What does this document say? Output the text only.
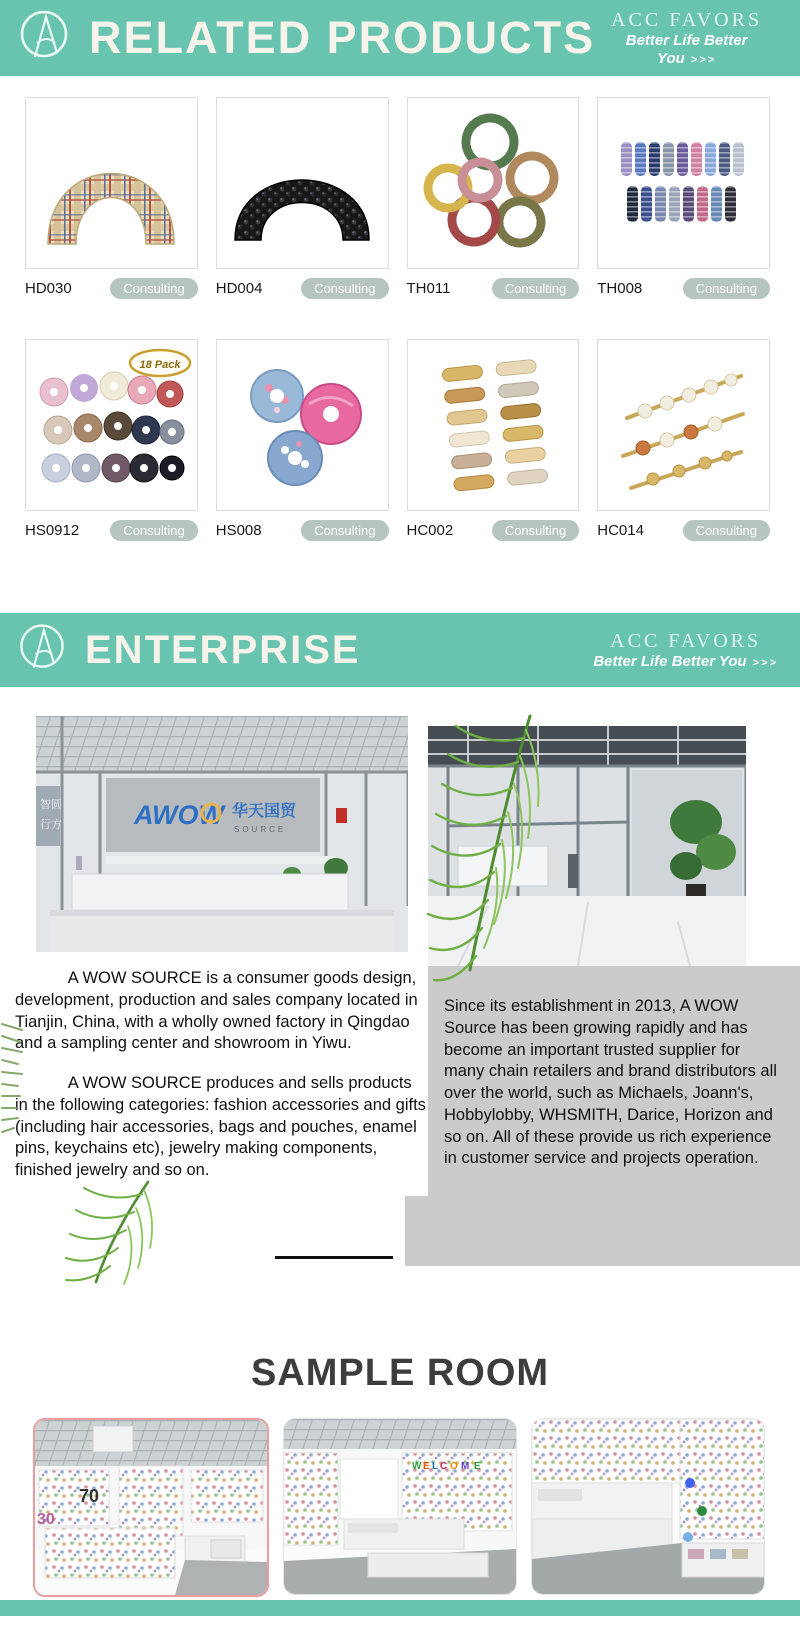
RELATED PRODUCTS ACC FAVORS
Better Life Better You >>>
HD030	Consulting	HD004	Consulting	TH011	Consulting	TH008	Consulting
18 Pack
HS0912	Consulting	HS008	Consulting	HC002	Consulting	HC014	Consulting
ENTERPRISE	ACC FAVORS
Better Life Better You >>>
智圆
行方	AWOW 华天国贸
SOURCE

A WOW SOURCE is a consumer goods design, development, production and sales company located in Tianjin, China, with a wholly owned factory in Qingdao and a sampling center and showroom in Yiwu.

A WOW SOURCE produces and sells products in the following categories: fashion accessories and gifts (including hair accessories, bags and pouches, enamel pins, keychains etc), jewelry making components, finished jewelry and so on.

Since its establishment in 2013, A WOW Source has been growing rapidly and has become an important trusted supplier for many chain retailers and brand distributors all over the world, such as Michaels, Joann's, Hobbylobby, WHSMITH, Darice, Horizon and so on. All of these provide us rich experience in customer service and projects operation.

SAMPLE ROOM
70
30
W E L C O M E
